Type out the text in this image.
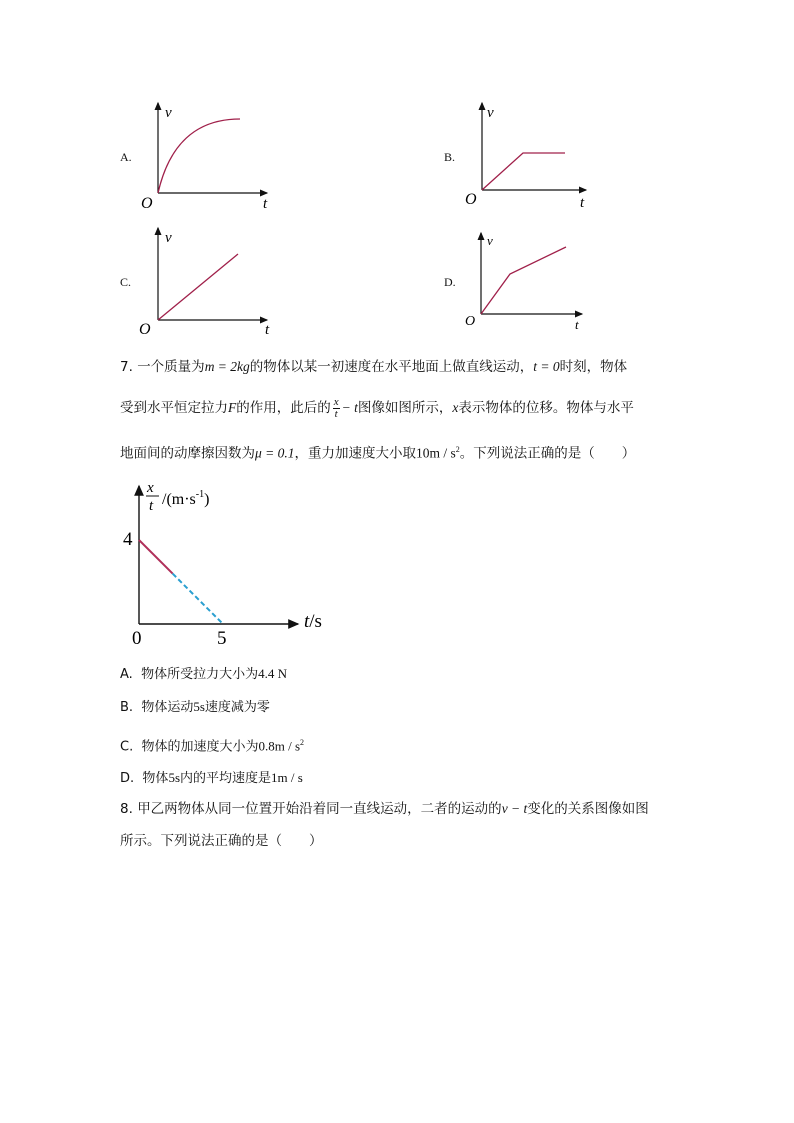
A.
v
t
O
B.
v
t
O
C.
v
t
O
D.
v
t
O
7. 一个质量为m = 2kg的物体以某一初速度在水平地面上做直线运动，t = 0时刻，物体
受到水平恒定拉力F的作用，此后的 $\frac{x}{t} - t$图像如图所示，x表示物体的位移。物体与水平
地面间的动摩擦因数为μ = 0.1，重力加速度大小取$10m / s^2$。下列说法正确的是（　　）
x
t $/(m\cdot s^{-1})$
4
0	5
t/s
A. 物体所受拉力大小为4.4 N
B. 物体运动5s速度减为零
C. 物体的加速度大小为$0.8m / s^2$
D. 物体5s内的平均速度是1m / s
8. 甲乙两物体从同一位置开始沿着同一直线运动，二者的运动的v − t变化的关系图像如图
所示。下列说法正确的是（　　）
